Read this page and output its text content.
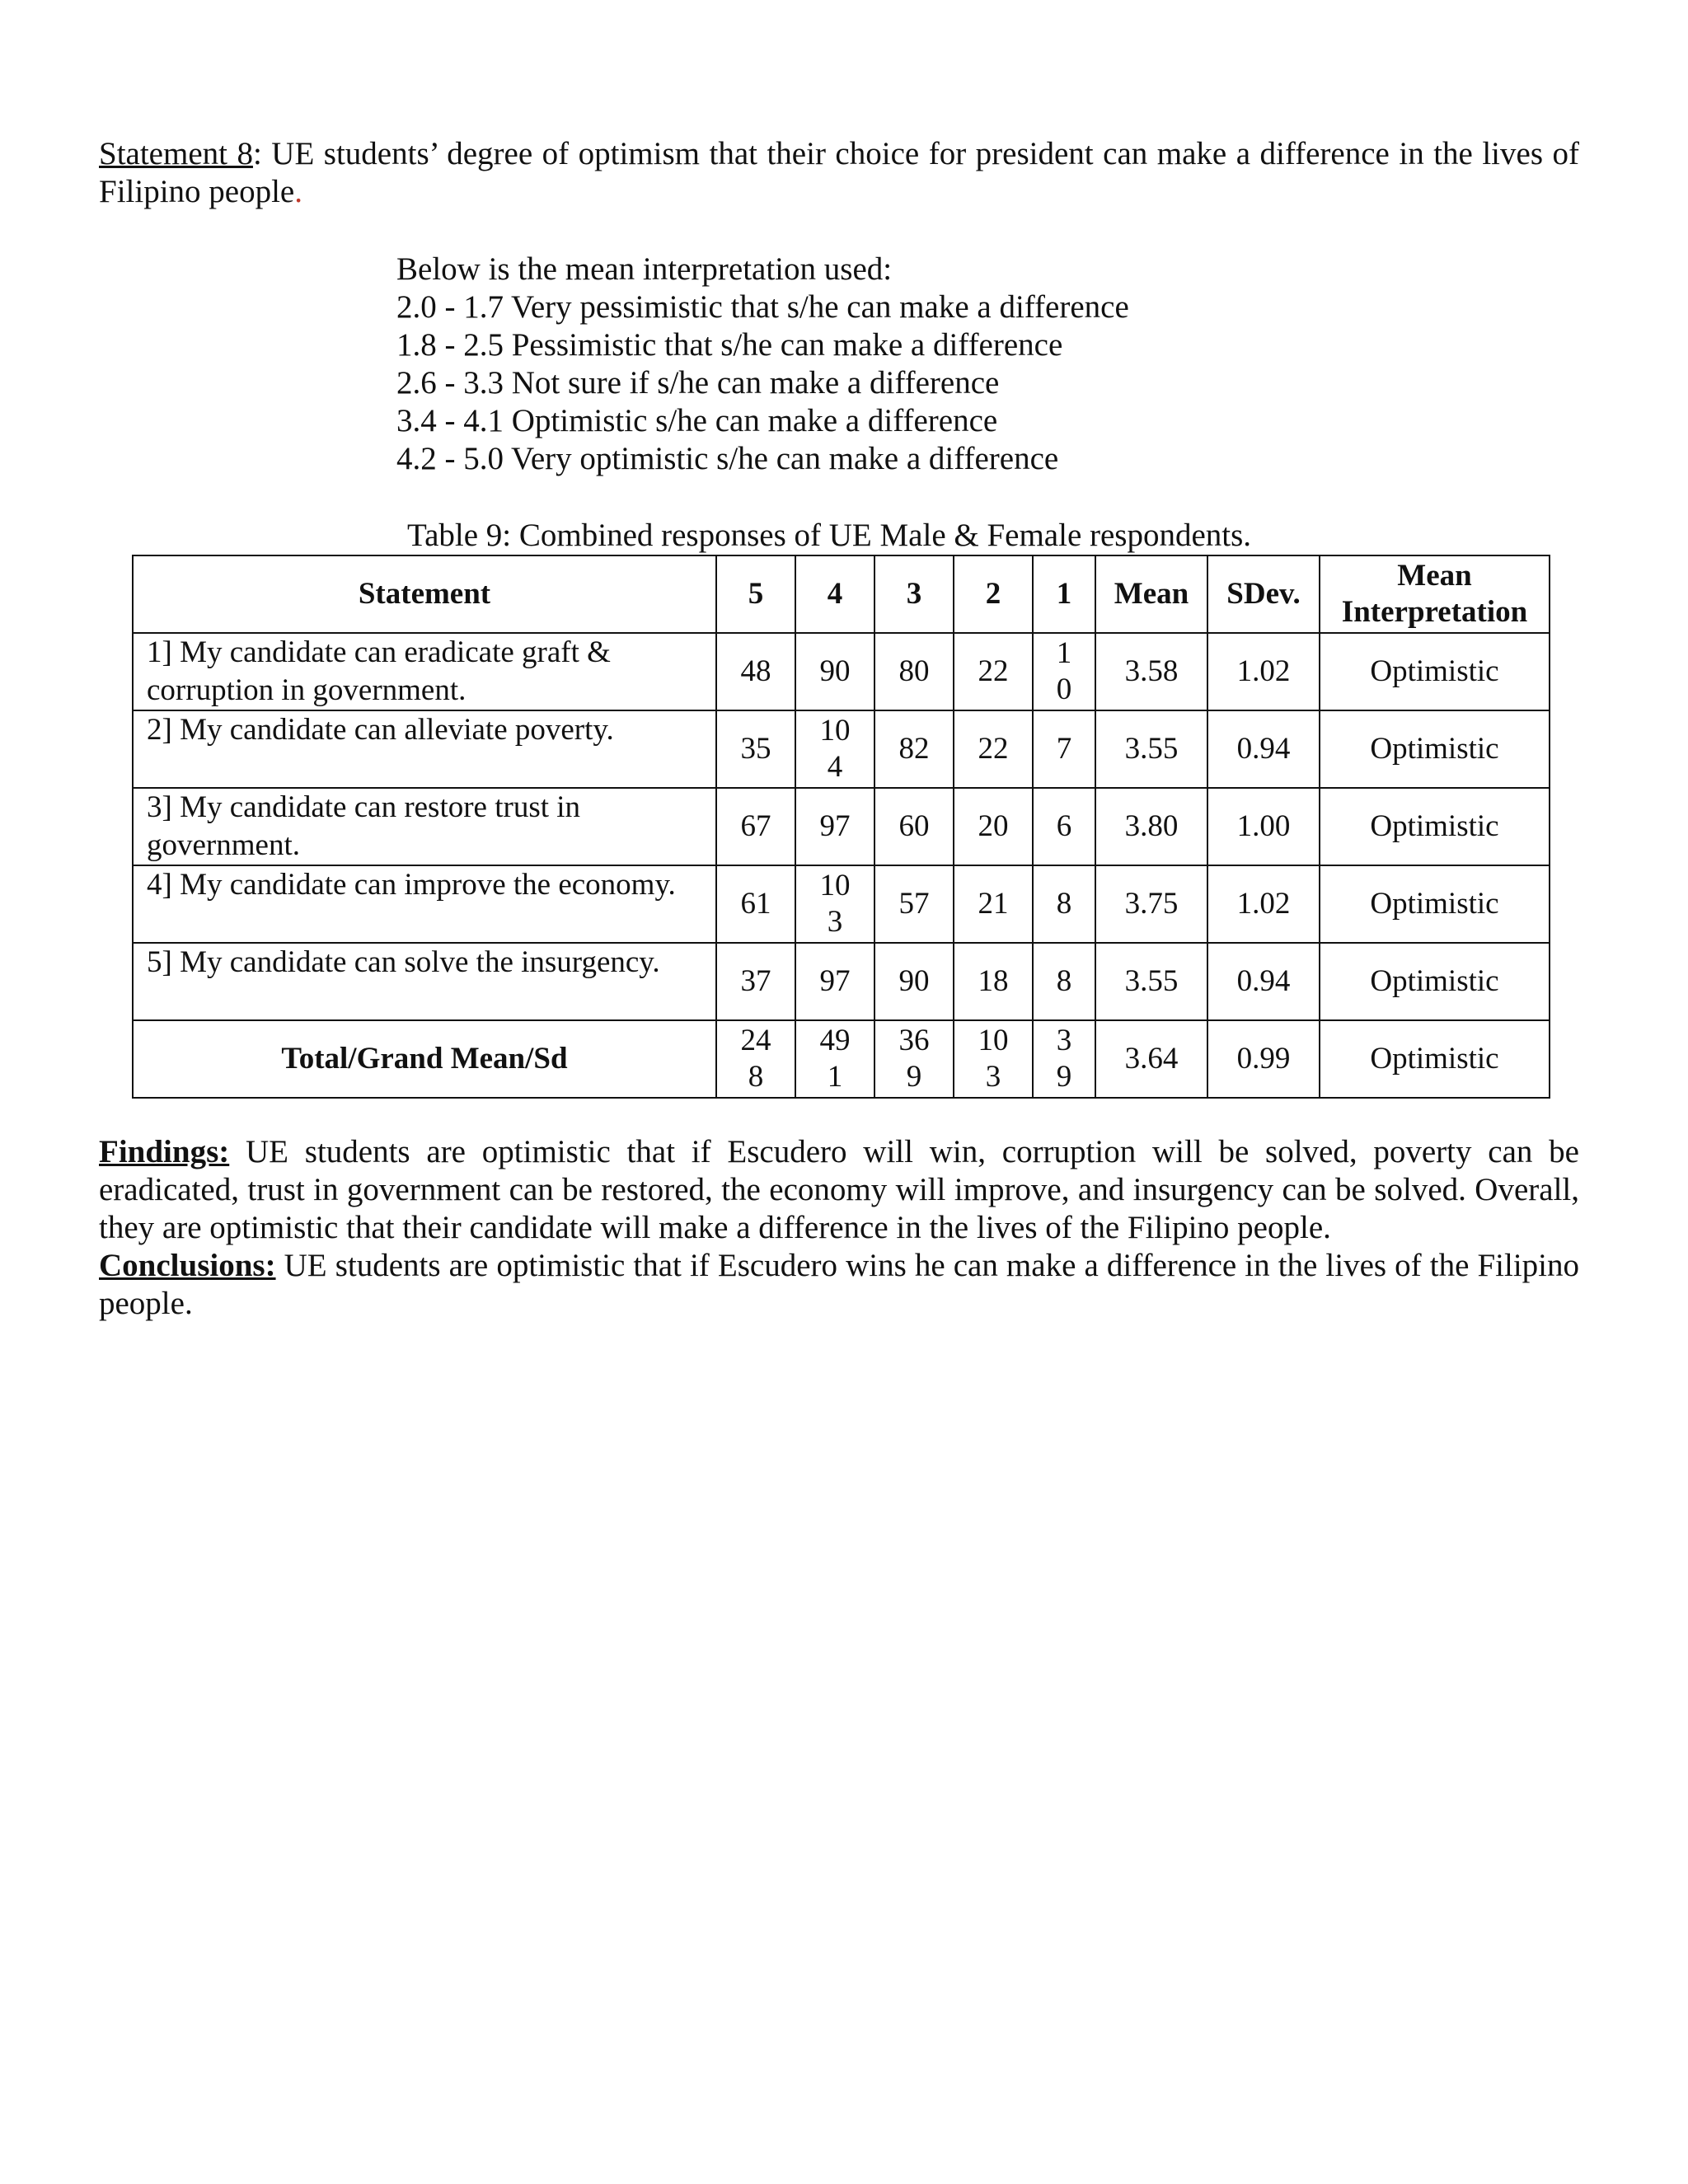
Statement 8: UE students’ degree of optimism that their choice for president can make a difference in the lives of Filipino people.
Below is the mean interpretation used:
2.0 - 1.7 Very pessimistic that s/he can make a difference
1.8 - 2.5 Pessimistic that s/he can make a difference
2.6 - 3.3 Not sure if s/he can make a difference
3.4 - 4.1 Optimistic s/he can make a difference
4.2 - 5.0 Very optimistic s/he can make a difference
Table 9: Combined responses of UE Male & Female respondents.
Statement	5	4	3	2	1	Mean	SDev.	Mean Interpretation
1] My candidate can eradicate graft & corruption in government.	48	90	80	22	10	3.58	1.02	Optimistic
2] My candidate can alleviate poverty.	35	104	82	22	7	3.55	0.94	Optimistic
3] My candidate can restore trust in government.	67	97	60	20	6	3.80	1.00	Optimistic
4] My candidate can improve the economy.	61	103	57	21	8	3.75	1.02	Optimistic
5] My candidate can solve the insurgency.	37	97	90	18	8	3.55	0.94	Optimistic
Total/Grand Mean/Sd	248	491	369	103	39	3.64	0.99	Optimistic
Findings: UE students are optimistic that if Escudero will win, corruption will be solved, poverty can be eradicated, trust in government can be restored, the economy will improve, and insurgency can be solved. Overall, they are optimistic that their candidate will make a difference in the lives of the Filipino people.
Conclusions: UE students are optimistic that if Escudero wins he can make a difference in the lives of the Filipino people.
